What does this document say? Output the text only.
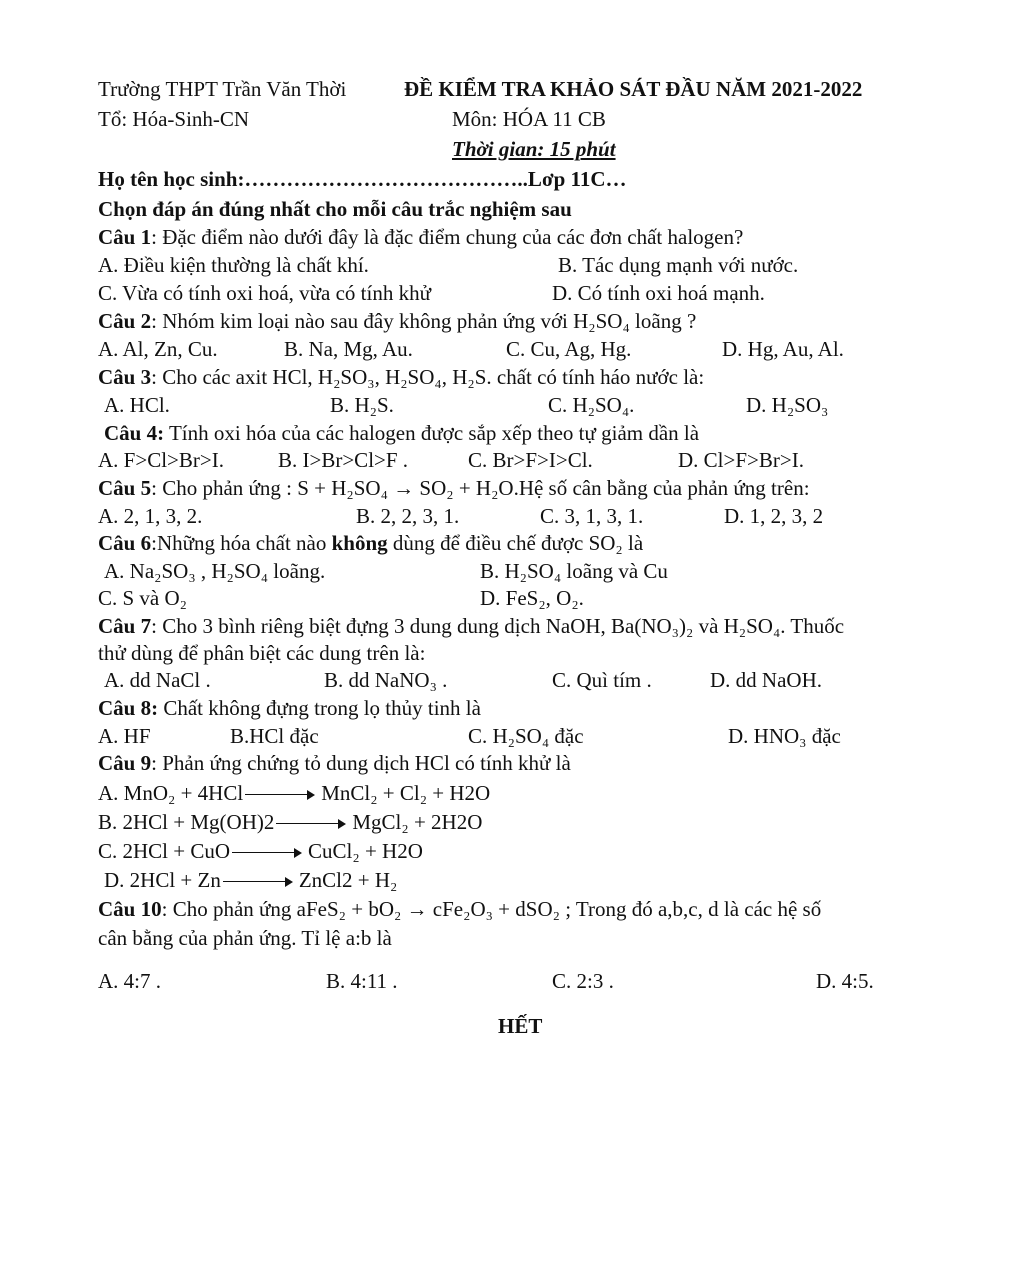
Trường THPT Trần Văn Thời	ĐỀ KIỂM TRA KHẢO SÁT ĐẦU NĂM 2021-2022
Tổ: Hóa-Sinh-CN	Môn: HÓA 11 CB
Thời gian: 15 phút
Họ tên học sinh:…………………………………..Lơp 11C…
Chọn đáp án đúng nhất cho mỗi câu trắc nghiệm sau
Câu 1: Đặc điểm nào dưới đây là đặc điểm chung của các đơn chất halogen?
A. Điều kiện thường là chất khí.	B. Tác dụng mạnh với nước.
C. Vừa có tính oxi hoá, vừa có tính khử	D. Có tính oxi hoá mạnh.
Câu 2: Nhóm kim loại nào sau đây không phản ứng với H₂SO₄ loãng ?
A. Al, Zn, Cu.	B. Na, Mg, Au.	C. Cu, Ag, Hg.	D. Hg, Au, Al.
Câu 3: Cho các axit HCl, H₂SO₃, H₂SO₄, H₂S. chất có tính háo nước là:
A. HCl.	B. H₂S.	C. H₂SO₄.	D. H₂SO₃
Câu 4: Tính oxi hóa của các halogen được sắp xếp theo tự giảm dần là
A. F>Cl>Br>I.	B. I>Br>Cl>F .	C. Br>F>I>Cl.	D. Cl>F>Br>I.
Câu 5: Cho phản ứng : S + H₂SO₄ → SO₂ + H₂O.Hệ số cân bằng của phản ứng trên:
A. 2, 1, 3, 2.	B. 2, 2, 3, 1.	C. 3, 1, 3, 1.	D. 1, 2, 3, 2
Câu 6:Những hóa chất nào không dùng để điều chế được SO₂ là
A. Na₂SO₃ , H₂SO₄ loãng.	B. H₂SO₄ loãng và Cu
C. S và O₂	D. FeS₂, O₂.
Câu 7: Cho 3 bình riêng biệt đựng 3 dung dung dịch NaOH, Ba(NO₃)₂ và H₂SO₄. Thuốc
thử dùng để phân biệt các dung trên là:
A. dd NaCl .	B. dd NaNO₃ .	C. Quì tím .	D. dd NaOH.
Câu 8: Chất không đựng trong lọ thủy tinh là
A. HF	B.HCl đặc	C. H₂SO₄ đặc	D. HNO₃ đặc
Câu 9: Phản ứng chứng tỏ dung dịch HCl có tính khử là
A. MnO₂ + 4HCl	MnCl₂ + Cl₂ + H2O
B. 2HCl + Mg(OH)2	MgCl₂ + 2H2O
C. 2HCl + CuO	CuCl₂ + H2O
D. 2HCl + Zn	ZnCl2 + H₂
Câu 10: Cho phản ứng aFeS₂ + bO₂ → cFe₂O₃ + dSO₂ ; Trong đó a,b,c, d là các hệ số
cân bằng của phản ứng. Tỉ lệ a:b là
A. 4:7 .	B. 4:11 .	C. 2:3 .	D. 4:5.
HẾT
